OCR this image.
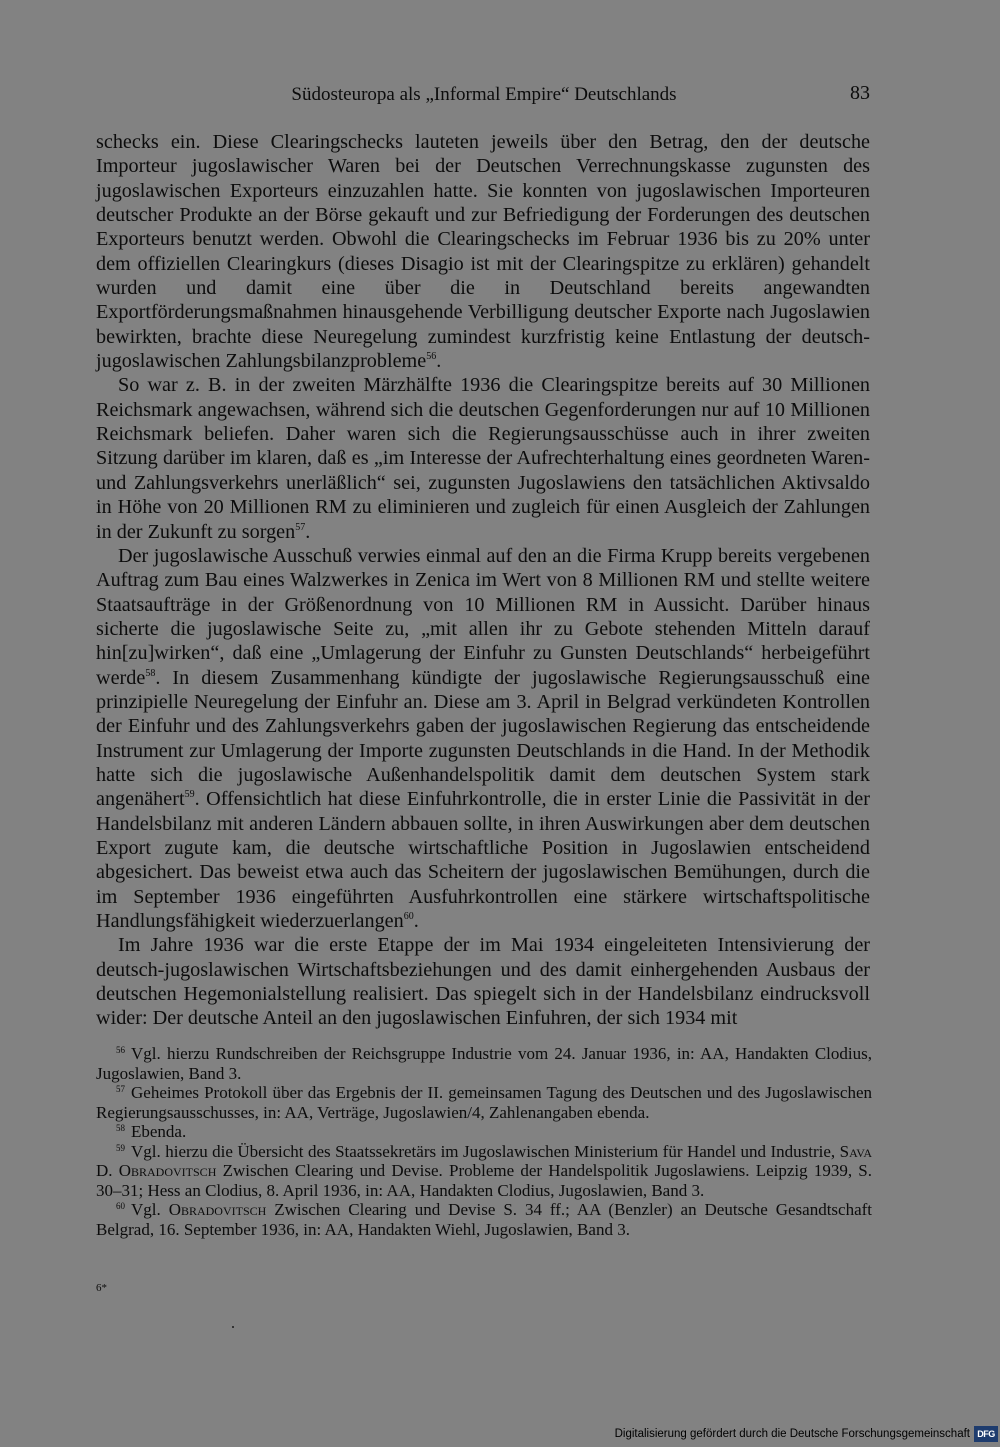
Südosteuropa als „Informal Empire“ Deutschlands	83

schecks ein. Diese Clearingschecks lauteten jeweils über den Betrag, den der deutsche Importeur jugoslawischer Waren bei der Deutschen Verrechnungskasse zugunsten des jugoslawischen Exporteurs einzuzahlen hatte. Sie konnten von jugoslawischen Importeuren deutscher Produkte an der Börse gekauft und zur Befriedigung der Forderungen des deutschen Exporteurs benutzt werden. Obwohl die Clearingschecks im Februar 1936 bis zu 20% unter dem offiziellen Clearingkurs (dieses Disagio ist mit der Clearingspitze zu erklären) gehandelt wurden und damit eine über die in Deutschland bereits angewandten Exportförderungsmaßnahmen hinausgehende Verbilligung deutscher Exporte nach Jugoslawien bewirkten, brachte diese Neuregelung zumindest kurzfristig keine Entlastung der deutsch-jugoslawischen Zahlungsbilanzprobleme$^{56}$.

So war z. B. in der zweiten Märzhälfte 1936 die Clearingspitze bereits auf 30 Millionen Reichsmark angewachsen, während sich die deutschen Gegenforderungen nur auf 10 Millionen Reichsmark beliefen. Daher waren sich die Regierungsausschüsse auch in ihrer zweiten Sitzung darüber im klaren, daß es „im Interesse der Aufrechterhaltung eines geordneten Waren- und Zahlungsverkehrs unerläßlich“ sei, zugunsten Jugoslawiens den tatsächlichen Aktivsaldo in Höhe von 20 Millionen RM zu eliminieren und zugleich für einen Ausgleich der Zahlungen in der Zukunft zu sorgen$^{57}$.

Der jugoslawische Ausschuß verwies einmal auf den an die Firma Krupp bereits vergebenen Auftrag zum Bau eines Walzwerkes in Zenica im Wert von 8 Millionen RM und stellte weitere Staatsaufträge in der Größenordnung von 10 Millionen RM in Aussicht. Darüber hinaus sicherte die jugoslawische Seite zu, „mit allen ihr zu Gebote stehenden Mitteln darauf hin[zu]wirken“, daß eine „Umlagerung der Einfuhr zu Gunsten Deutschlands“ herbeigeführt werde$^{58}$. In diesem Zusammenhang kündigte der jugoslawische Regierungsausschuß eine prinzipielle Neuregelung der Einfuhr an. Diese am 3. April in Belgrad verkündeten Kontrollen der Einfuhr und des Zahlungsverkehrs gaben der jugoslawischen Regierung das entscheidende Instrument zur Umlagerung der Importe zugunsten Deutschlands in die Hand. In der Methodik hatte sich die jugoslawische Außenhandelspolitik damit dem deutschen System stark angenähert$^{59}$. Offensichtlich hat diese Einfuhrkontrolle, die in erster Linie die Passivität in der Handelsbilanz mit anderen Ländern abbauen sollte, in ihren Auswirkungen aber dem deutschen Export zugute kam, die deutsche wirtschaftliche Position in Jugoslawien entscheidend abgesichert. Das beweist etwa auch das Scheitern der jugoslawischen Bemühungen, durch die im September 1936 eingeführten Ausfuhrkontrollen eine stärkere wirtschaftspolitische Handlungsfähigkeit wiederzuerlangen$^{60}$.

Im Jahre 1936 war die erste Etappe der im Mai 1934 eingeleiteten Intensivierung der deutsch-jugoslawischen Wirtschaftsbeziehungen und des damit einhergehenden Ausbaus der deutschen Hegemonialstellung realisiert. Das spiegelt sich in der Handelsbilanz eindrucksvoll wider: Der deutsche Anteil an den jugoslawischen Einfuhren, der sich 1934 mit

$^{56}$ Vgl. hierzu Rundschreiben der Reichsgruppe Industrie vom 24. Januar 1936, in: AA, Handakten Clodius, Jugoslawien, Band 3.

$^{57}$ Geheimes Protokoll über das Ergebnis der II. gemeinsamen Tagung des Deutschen und des Jugoslawischen Regierungsausschusses, in: AA, Verträge, Jugoslawien/4, Zahlenangaben ebenda.

$^{58}$ Ebenda.

$^{59}$ Vgl. hierzu die Übersicht des Staatssekretärs im Jugoslawischen Ministerium für Handel und Industrie, Sava D. Obradovitsch Zwischen Clearing und Devise. Probleme der Handelspolitik Jugoslawiens. Leipzig 1939, S. 30–31; Hess an Clodius, 8. April 1936, in: AA, Handakten Clodius, Jugoslawien, Band 3.

$^{60}$ Vgl. Obradovitsch Zwischen Clearing und Devise S. 34 ff.; AA (Benzler) an Deutsche Gesandtschaft Belgrad, 16. September 1936, in: AA, Handakten Wiehl, Jugoslawien, Band 3.

6*
Digitalisierung gefördert durch die Deutsche Forschungsgemeinschaft DFG
